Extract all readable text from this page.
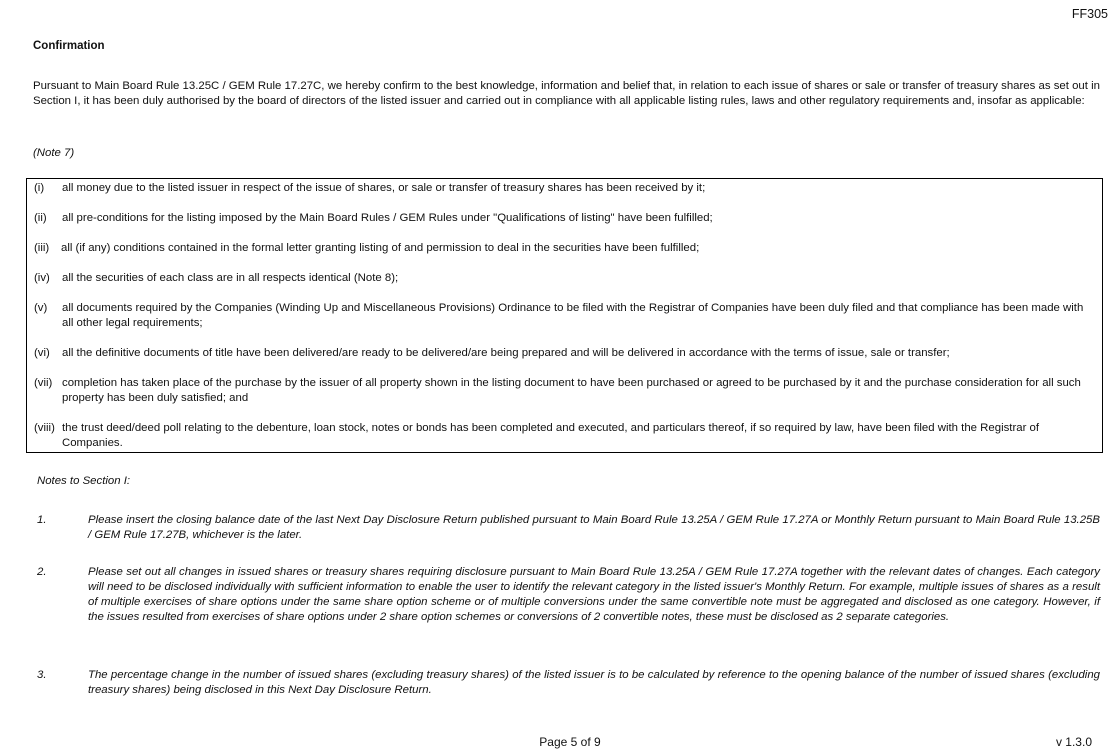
FF305
Confirmation
Pursuant to Main Board Rule 13.25C / GEM Rule 17.27C, we hereby confirm to the best knowledge, information and belief that, in relation to each issue of shares or sale or transfer of treasury shares as set out in Section I, it has been duly authorised by the board of directors of the listed issuer and carried out in compliance with all applicable listing rules, laws and other regulatory requirements and, insofar as applicable:
(Note 7)
(i)	all money due to the listed issuer in respect of the issue of shares, or sale or transfer of treasury shares has been received by it;
(ii)	all pre-conditions for the listing imposed by the Main Board Rules / GEM Rules under "Qualifications of listing" have been fulfilled;
(iii)	all (if any) conditions contained in the formal letter granting listing of and permission to deal in the securities have been fulfilled;
(iv)	all the securities of each class are in all respects identical (Note 8);
(v)	all documents required by the Companies (Winding Up and Miscellaneous Provisions) Ordinance to be filed with the Registrar of Companies have been duly filed and that compliance has been made with all other legal requirements;
(vi)	all the definitive documents of title have been delivered/are ready to be delivered/are being prepared and will be delivered in accordance with the terms of issue, sale or transfer;
(vii) completion has taken place of the purchase by the issuer of all property shown in the listing document to have been purchased or agreed to be purchased by it and the purchase consideration for all such property has been duly satisfied; and
(viii) the trust deed/deed poll relating to the debenture, loan stock, notes or bonds has been completed and executed, and particulars thereof, if so required by law, have been filed with the Registrar of Companies.
Notes to Section I:
1.	Please insert the closing balance date of the last Next Day Disclosure Return published pursuant to Main Board Rule 13.25A / GEM Rule 17.27A or Monthly Return pursuant to Main Board Rule 13.25B / GEM Rule 17.27B, whichever is the later.
2.	Please set out all changes in issued shares or treasury shares requiring disclosure pursuant to Main Board Rule 13.25A / GEM Rule 17.27A together with the relevant dates of changes. Each category will need to be disclosed individually with sufficient information to enable the user to identify the relevant category in the listed issuer's Monthly Return. For example, multiple issues of shares as a result of multiple exercises of share options under the same share option scheme or of multiple conversions under the same convertible note must be aggregated and disclosed as one category. However, if the issues resulted from exercises of share options under 2 share option schemes or conversions of 2 convertible notes, these must be disclosed as 2 separate categories.
3.	The percentage change in the number of issued shares (excluding treasury shares) of the listed issuer is to be calculated by reference to the opening balance of the number of issued shares (excluding treasury shares) being disclosed in this Next Day Disclosure Return.
Page 5 of 9	v 1.3.0
